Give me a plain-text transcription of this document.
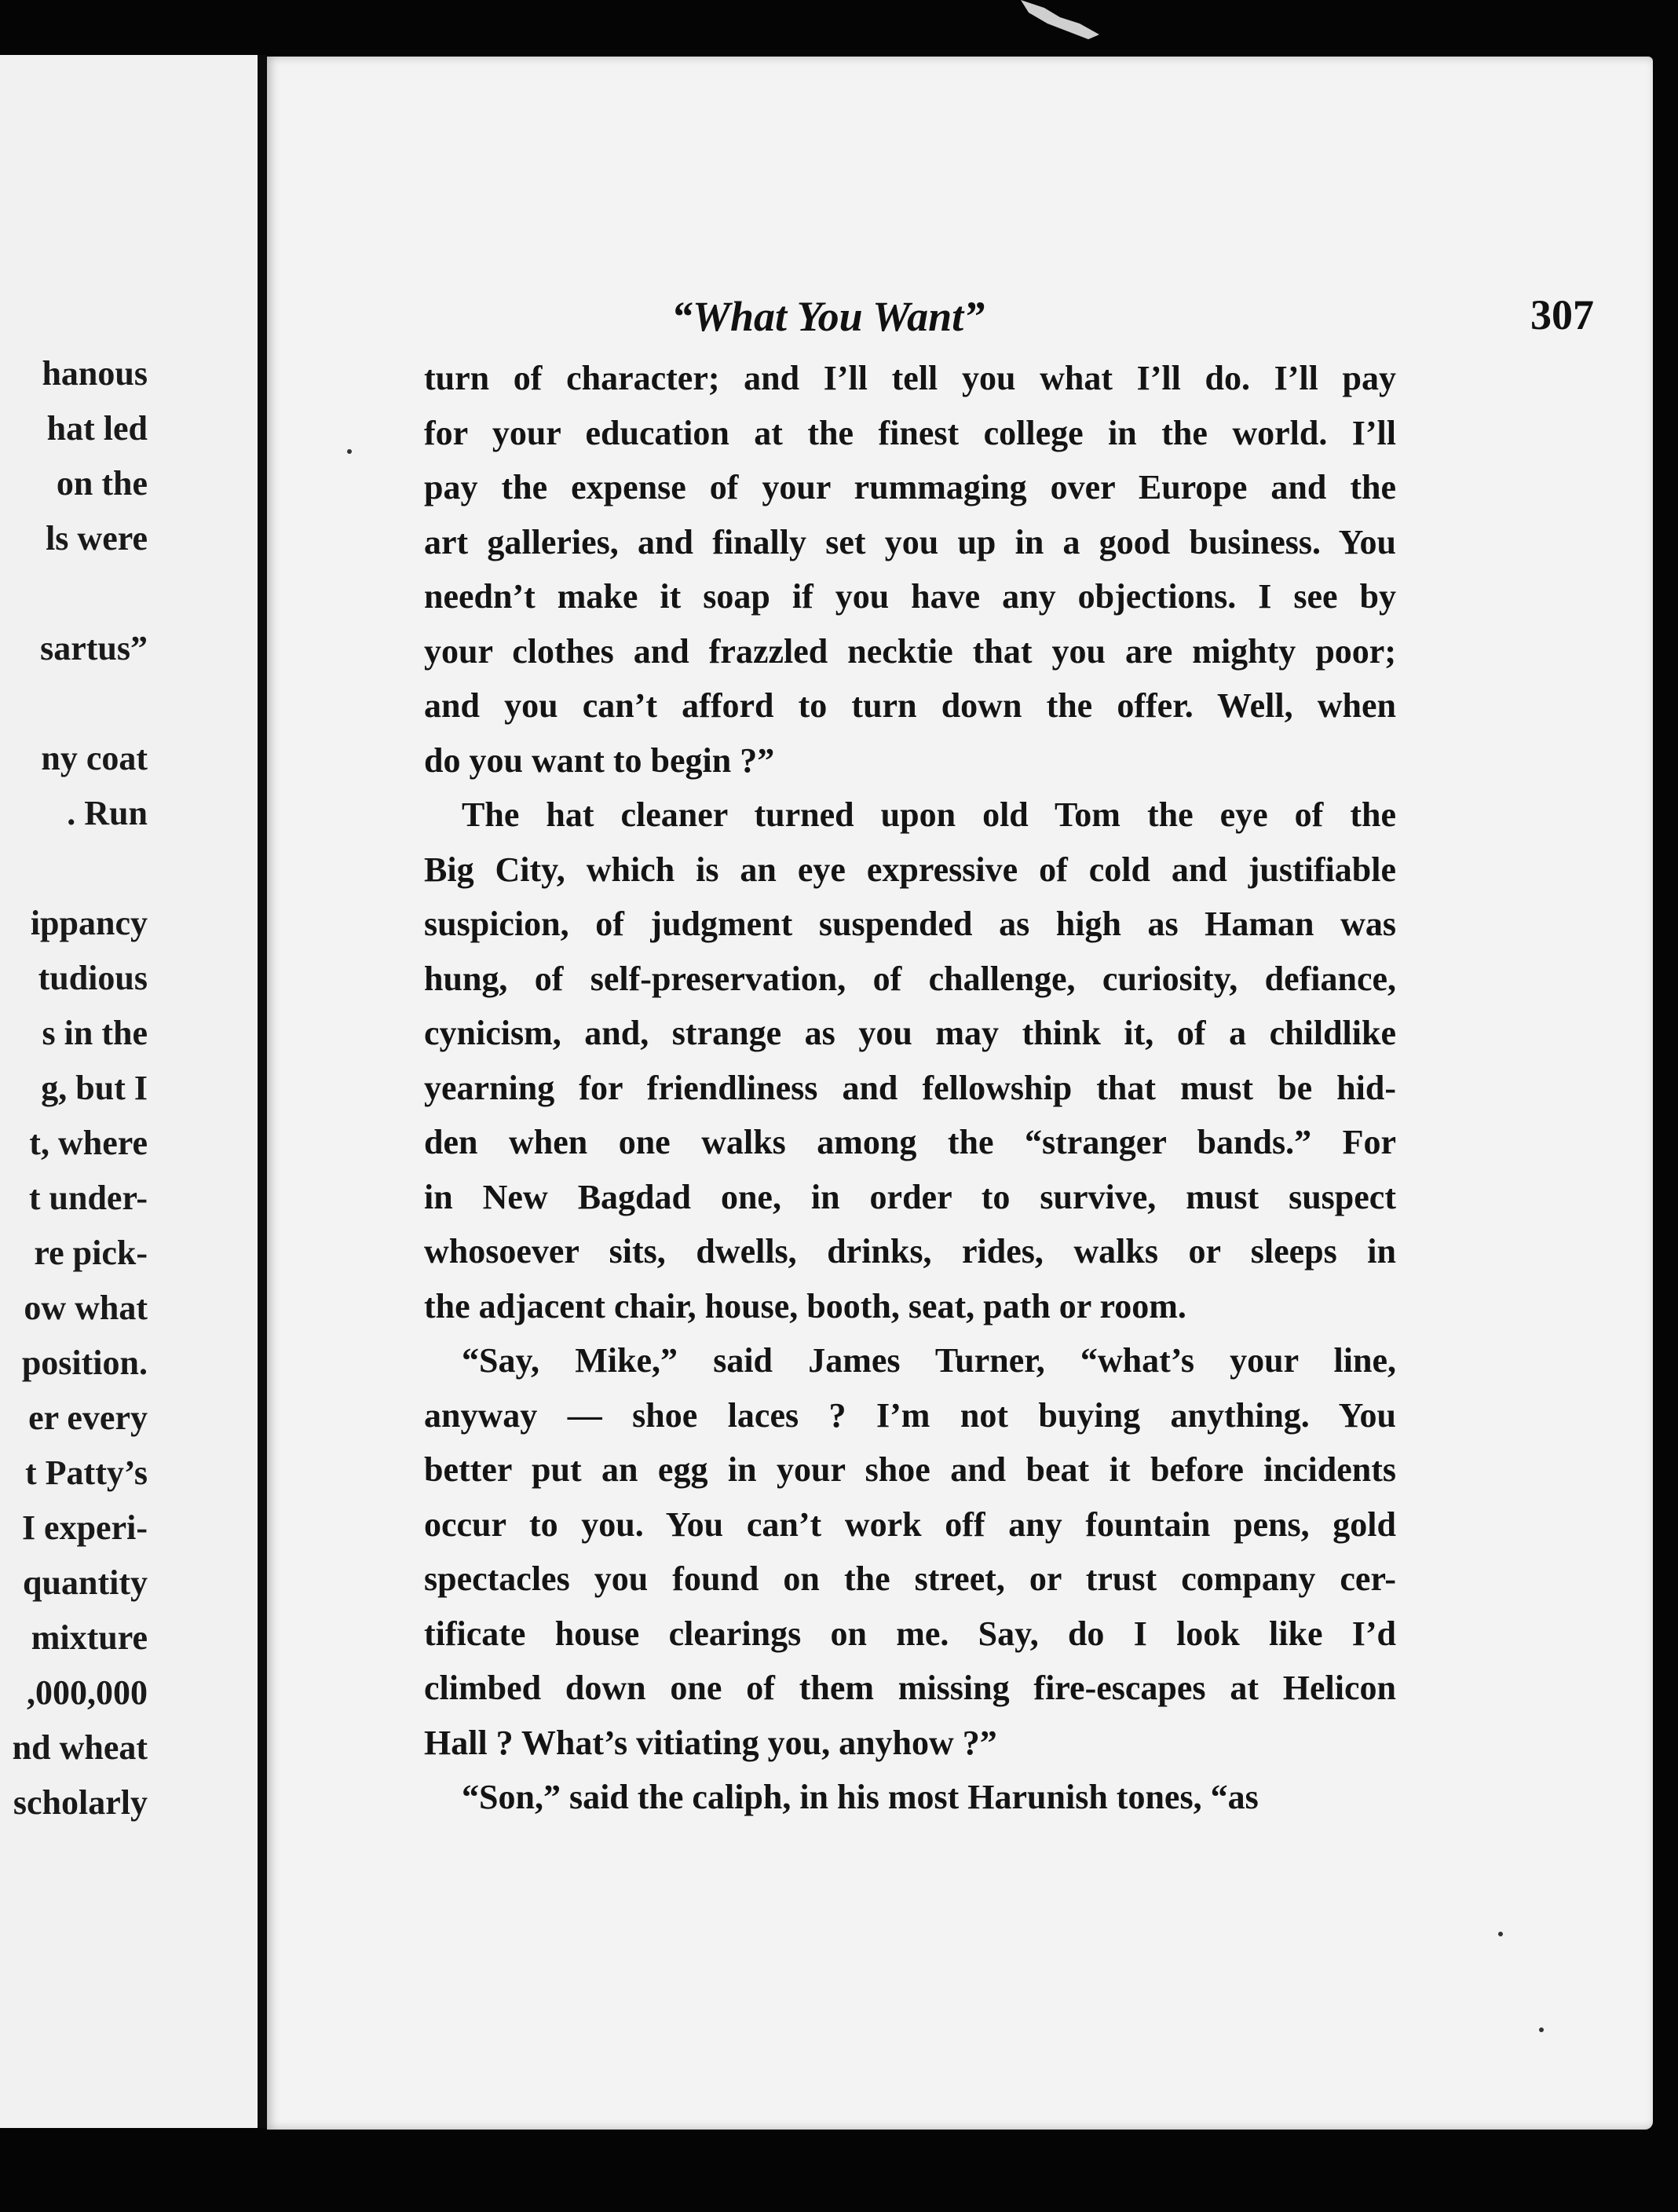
hanous
hat led
on the
ls were
sartus”
ny coat
. Run
ippancy
tudious
s in the
g, but I
t, where
t under-
re pick-
ow what
position.
er every
t Patty’s
I experi-
quantity
mixture
,000,000
nd wheat
scholarly
“What You Want”	307
turn of character; and I’ll tell you what I’ll do. I’ll pay
for your education at the finest college in the world. I’ll
pay the expense of your rummaging over Europe and the
art galleries, and finally set you up in a good business. You
needn’t make it soap if you have any objections. I see by
your clothes and frazzled necktie that you are mighty poor;
and you can’t afford to turn down the offer. Well, when
do you want to begin ?”
The hat cleaner turned upon old Tom the eye of the
Big City, which is an eye expressive of cold and justifiable
suspicion, of judgment suspended as high as Haman was
hung, of self-preservation, of challenge, curiosity, defiance,
cynicism, and, strange as you may think it, of a childlike
yearning for friendliness and fellowship that must be hid-
den when one walks among the “stranger bands.” For
in New Bagdad one, in order to survive, must suspect
whosoever sits, dwells, drinks, rides, walks or sleeps in
the adjacent chair, house, booth, seat, path or room.
“Say, Mike,” said James Turner, “what’s your line,
anyway — shoe laces ? I’m not buying anything. You
better put an egg in your shoe and beat it before incidents
occur to you. You can’t work off any fountain pens, gold
spectacles you found on the street, or trust company cer-
tificate house clearings on me. Say, do I look like I’d
climbed down one of them missing fire-escapes at Helicon
Hall ? What’s vitiating you, anyhow ?”
“Son,” said the caliph, in his most Harunish tones, “as
